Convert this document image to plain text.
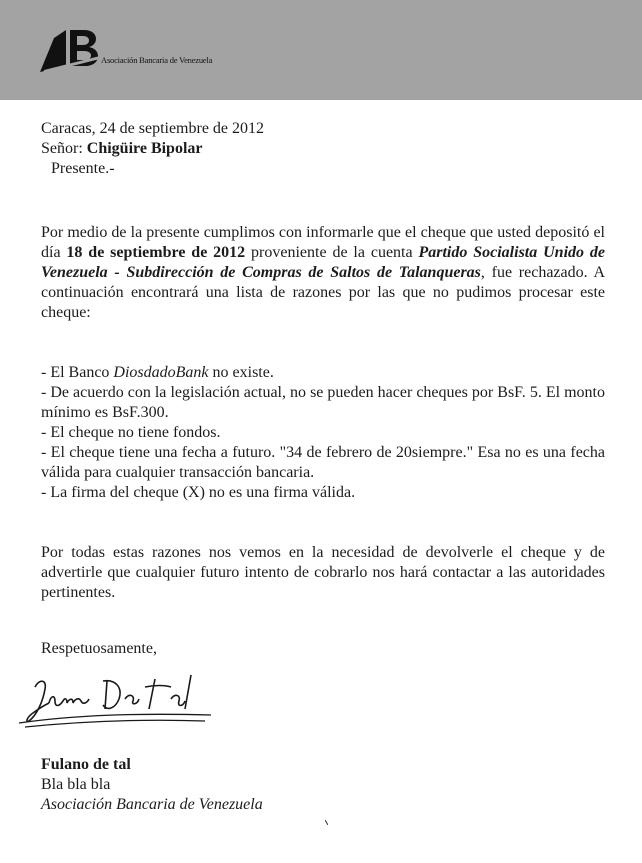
Asociación Bancaria de Venezuela

Caracas, 24 de septiembre de 2012

Señor: Chigüire Bipolar

Presente.-

Por medio de la presente cumplimos con informarle que el cheque que usted depositó el día 18 de septiembre de 2012 proveniente de la cuenta Partido Socialista Unido de Venezuela - Subdirección de Compras de Saltos de Talanqueras, fue rechazado. A continuación encontrará una lista de razones por las que no pudimos procesar este cheque:

- El Banco DiosdadoBank no existe.

- De acuerdo con la legislación actual, no se pueden hacer cheques por BsF. 5. El monto mínimo es BsF.300.

- El cheque no tiene fondos.

- El cheque tiene una fecha a futuro. "34 de febrero de 20siempre." Esa no es una fecha válida para cualquier transacción bancaria.

- La firma del cheque (X) no es una firma válida.

Por todas estas razones nos vemos en la necesidad de devolverle el cheque y de advertirle que cualquier futuro intento de cobrarlo nos hará contactar a las autoridades pertinentes.

Respetuosamente,

Fulano de tal

Bla bla bla

Asociación Bancaria de Venezuela
